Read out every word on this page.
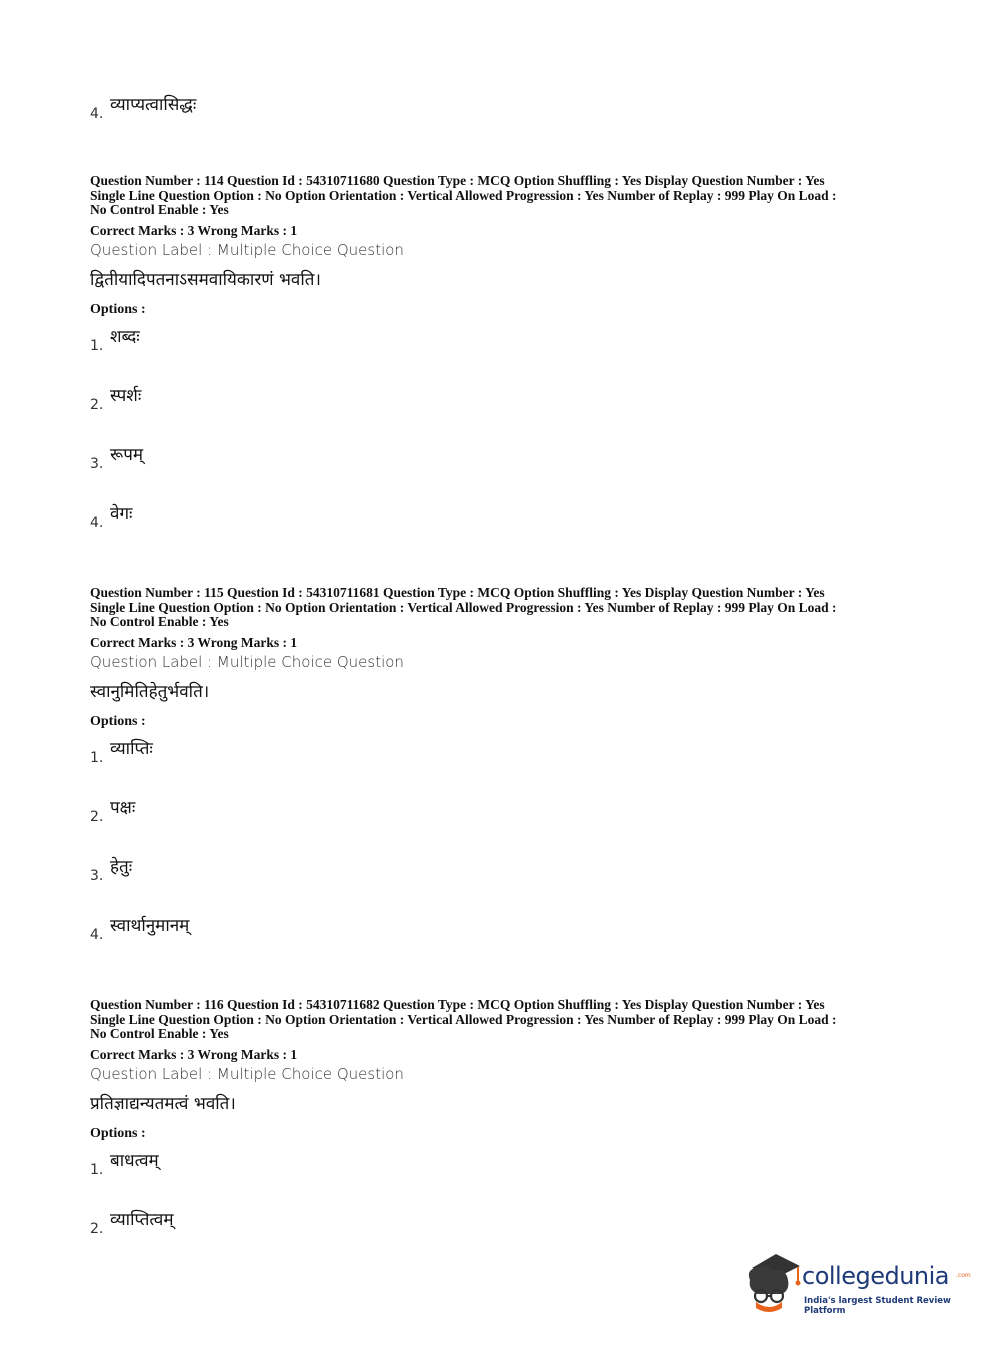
4. व्याप्यत्वासिद्धः
Question Number : 114 Question Id : 54310711680 Question Type : MCQ Option Shuffling : Yes Display Question Number : Yes
Single Line Question Option : No Option Orientation : Vertical Allowed Progression : Yes Number of Replay : 999 Play On Load :
No Control Enable : Yes
Correct Marks : 3 Wrong Marks : 1
Question Label : Multiple Choice Question
द्वितीयादिपतनाऽसमवायिकारणं भवति।
Options :
1. शब्दः
2. स्पर्शः
3. रूपम्
4. वेगः
Question Number : 115 Question Id : 54310711681 Question Type : MCQ Option Shuffling : Yes Display Question Number : Yes
Single Line Question Option : No Option Orientation : Vertical Allowed Progression : Yes Number of Replay : 999 Play On Load :
No Control Enable : Yes
Correct Marks : 3 Wrong Marks : 1
Question Label : Multiple Choice Question
स्वानुमितिहेतुर्भवति।
Options :
1. व्याप्तिः
2. पक्षः
3. हेतुः
4. स्वार्थानुमानम्
Question Number : 116 Question Id : 54310711682 Question Type : MCQ Option Shuffling : Yes Display Question Number : Yes
Single Line Question Option : No Option Orientation : Vertical Allowed Progression : Yes Number of Replay : 999 Play On Load :
No Control Enable : Yes
Correct Marks : 3 Wrong Marks : 1
Question Label : Multiple Choice Question
प्रतिज्ञाद्यन्यतमत्वं भवति।
Options :
1. बाधत्वम्
2. व्याप्तित्वम्
collegedunia .com
India's largest Student Review Platform
